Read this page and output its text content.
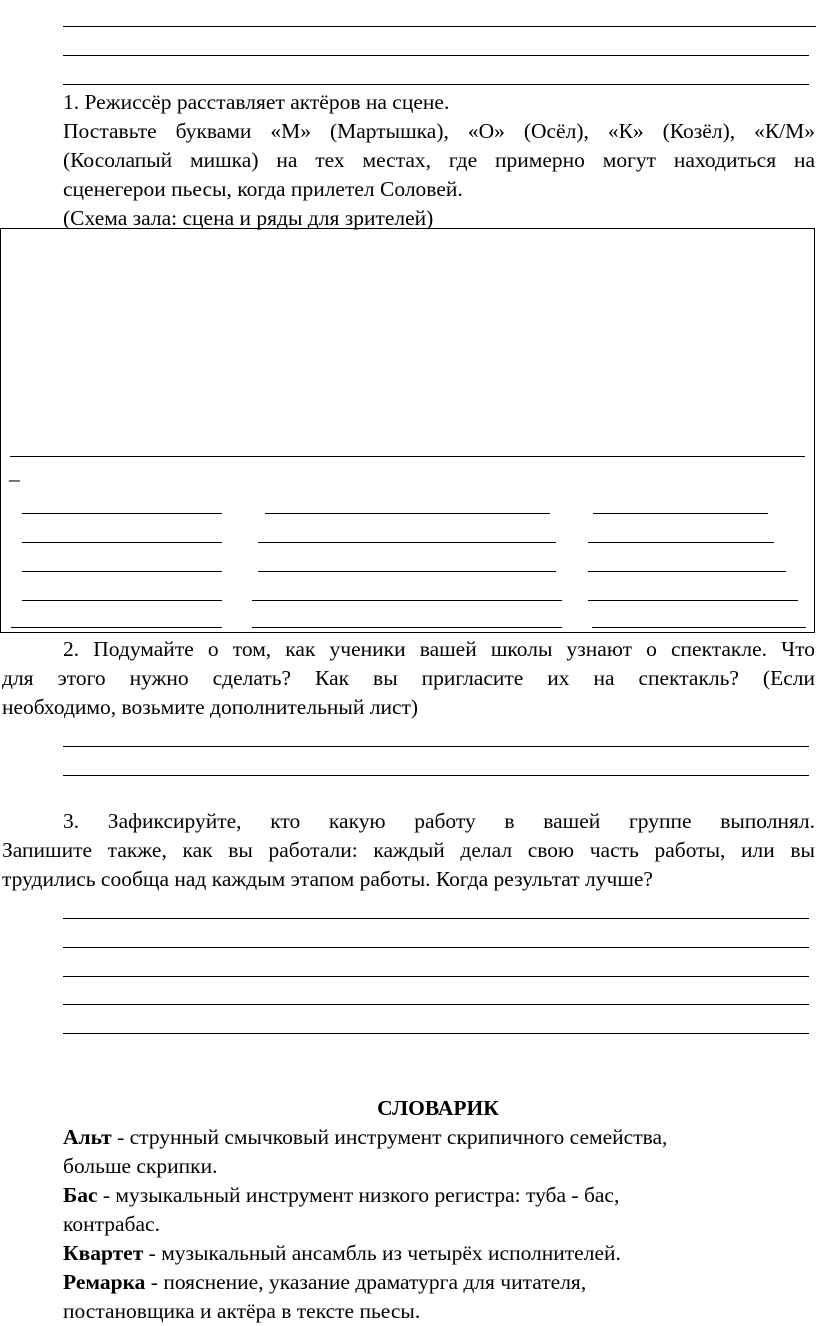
1. Режиссёр расставляет актёров на сцене.
Поставьте буквами «М» (Мартышка), «О» (Осёл), «К» (Козёл), «К/М»
(Косолапый мишка) на тех местах, где примерно могут находиться на
сценегерои пьесы, когда прилетел Соловей.
(Схема зала: сцена и ряды для зрителей)
_
2. Подумайте о том, как ученики вашей школы узнают о спектакле. Что
для этого нужно сделать? Как вы пригласите их на спектакль? (Если
необходимо, возьмите дополнительный лист)
3. Зафиксируйте, кто какую работу в вашей группе выполнял.
Запишите также, как вы работали: каждый делал свою часть работы, или вы
трудились сообща над каждым этапом работы. Когда результат лучше?
СЛОВАРИК
Альт - струнный смычковый инструмент скрипичного семейства,
больше скрипки.
Бас - музыкальный инструмент низкого регистра: туба - бас,
контрабас.
Квартет - музыкальный ансамбль из четырёх исполнителей.
Ремарка - пояснение, указание драматурга для читателя,
постановщика и актёра в тексте пьесы.
